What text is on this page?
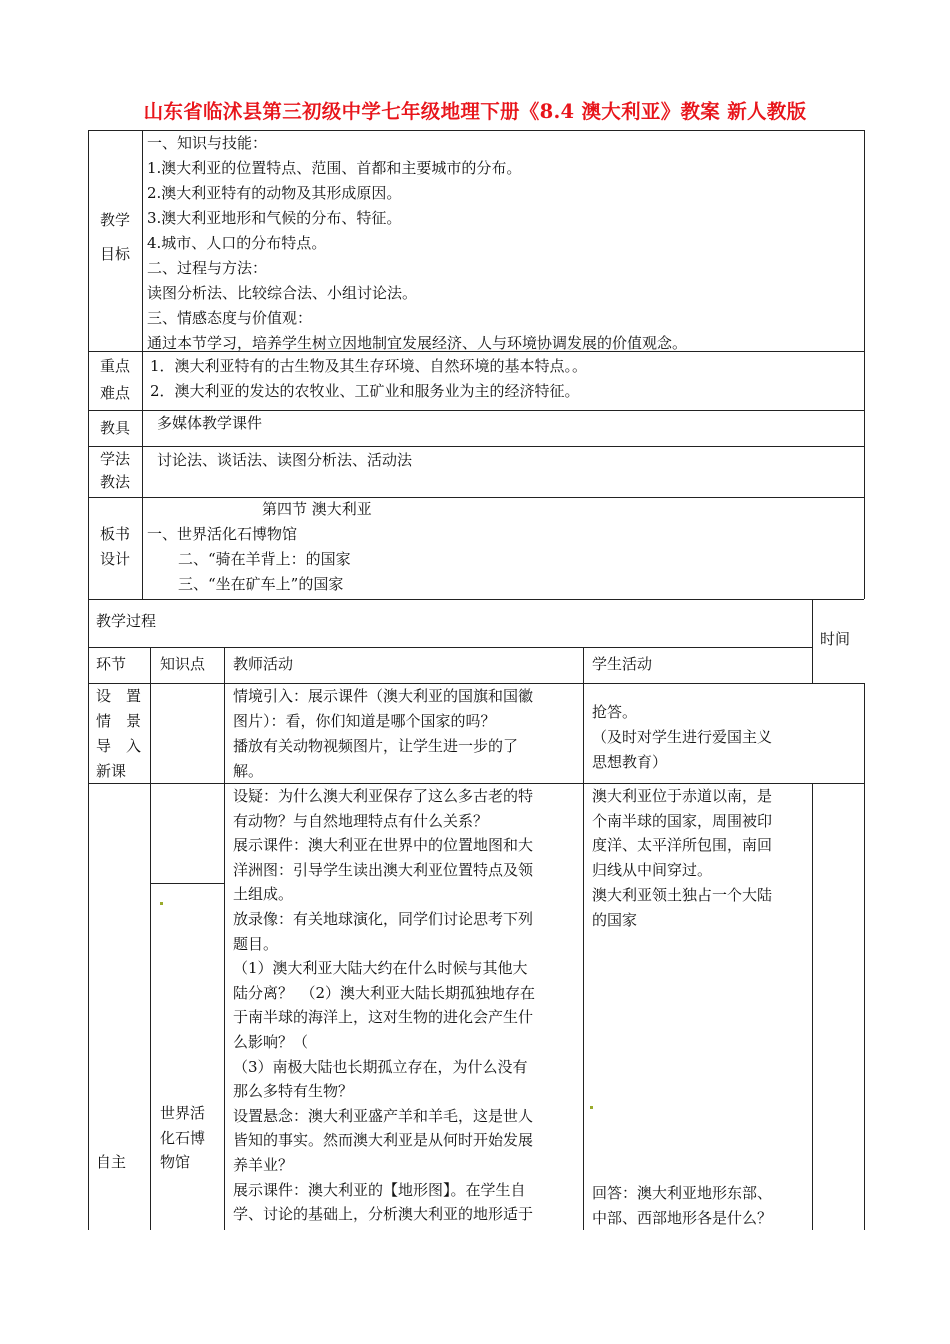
山东省临沭县第三初级中学七年级地理下册《8.4 澳大利亚》教案 新人教版
教学目标
一、知识与技能：
1.澳大利亚的位置特点、范围、首都和主要城市的分布。
2.澳大利亚特有的动物及其形成原因。
3.澳大利亚地形和气候的分布、特征。
4.城市、人口的分布特点。
二、过程与方法：
读图分析法、比较综合法、小组讨论法。
三、情感态度与价值观：
通过本节学习，培养学生树立因地制宜发展经济、人与环境协调发展的价值观念。
重点难点
1．澳大利亚特有的古生物及其生存环境、自然环境的基本特点。。
2．澳大利亚的发达的农牧业、工矿业和服务业为主的经济特征。
教具	多媒体教学课件
学法教法
讨论法、谈话法、读图分析法、活动法
板书设计
第四节 澳大利亚
一、世界活化石博物馆
二、“骑在羊背上：的国家
三、“坐在矿车上”的国家
教学过程
时间
环节 知识点 教师活动	学生活动
设　置
情　景
导　入
新课
情境引入：展示课件（澳大利亚的国旗和国徽
图片）：看，你们知道是哪个国家的吗？
播放有关动物视频图片，让学生进一步的了
解。
抢答。
（及时对学生进行爱国主义
思想教育）
自主
世界活
化石博
物馆
设疑：为什么澳大利亚保存了这么多古老的特
有动物？与自然地理特点有什么关系？
展示课件：澳大利亚在世界中的位置地图和大
洋洲图：引导学生读出澳大利亚位置特点及领
土组成。
放录像：有关地球演化，同学们讨论思考下列
题目。
（1）澳大利亚大陆大约在什么时候与其他大
陆分离？　（2）澳大利亚大陆长期孤独地存在
于南半球的海洋上，这对生物的进化会产生什
么影响？（
（3）南极大陆也长期孤立存在，为什么没有
那么多特有生物？
设置悬念：澳大利亚盛产羊和羊毛，这是世人
皆知的事实。然而澳大利亚是从何时开始发展
养羊业？
展示课件：澳大利亚的【地形图】。在学生自
学、讨论的基础上，分析澳大利亚的地形适于
澳大利亚位于赤道以南，是
个南半球的国家，周围被印
度洋、太平洋所包围，南回
归线从中间穿过。
澳大利亚领土独占一个大陆
的国家
回答：澳大利亚地形东部、
中部、西部地形各是什么？
